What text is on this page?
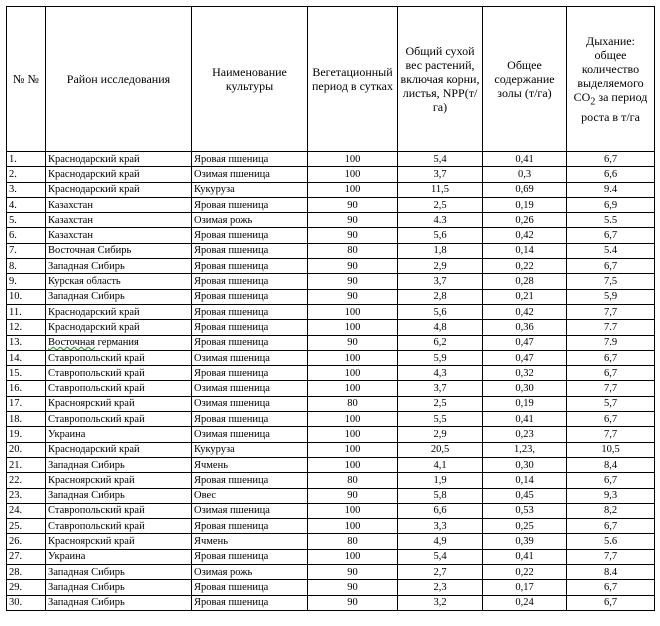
№ №	Район исследования	Наименование культуры	Вегетационный период в сутках	Общий сухой вес растений, включая корни, листья, NPP(т/га)	Общее содержание золы (т/га)	Дыхание: общее количество выделяемого $CO_2$ за период роста в т/га
1.	Краснодарский край	Яровая пшеница	100	5,4	0,41	6,7
2.	Краснодарский край	Озимая пшеница	100	3,7	0,3	6,6
3.	Краснодарский край	Кукуруза	100	11,5	0,69	9.4
4.	Казахстан	Яровая пшеница	90	2,5	0,19	6,9
5.	Казахстан	Озимая рожь	90	4.3	0,26	5.5
6.	Казахстан	Яровая пшеница	90	5,6	0,42	6,7
7.	Восточная Сибирь	Яровая пшеница	80	1,8	0,14	5.4
8.	Западная Сибирь	Яровая пшеница	90	2,9	0,22	6,7
9.	Курская область	Яровая пшеница	90	3,7	0,28	7,5
10.	Западная Сибирь	Яровая пшеница	90	2,8	0,21	5,9
11.	Краснодарский край	Яровая пшеница	100	5,6	0,42	7,7
12.	Краснодарский край	Яровая пшеница	100	4,8	0,36	7.7
13.	Восточная германия	Яровая пшеница	90	6,2	0,47	7.9
14.	Ставропольский край	Озимая пшеница	100	5,9	0,47	6,7
15.	Ставропольский край	Яровая пшеница	100	4,3	0,32	6,7
16.	Ставропольский край	Озимая пшеница	100	3,7	0,30	7,7
17.	Красноярский край	Озимая пшеница	80	2,5	0,19	5,7
18.	Ставропольский край	Яровая пшеница	100	5,5	0,41	6,7
19.	Украина	Озимая пшеница	100	2,9	0,23	7,7
20.	Краснодарский край	Кукуруза	100	20,5	1,23,	10,5
21.	Западная Сибирь	Ячмень	100	4,1	0,30	8,4
22.	Красноярский край	Яровая пшеница	80	1,9	0,14	6,7
23.	Западная Сибирь	Овес	90	5,8	0,45	9,3
24.	Ставропольский край	Озимая пшеница	100	6,6	0,53	8,2
25.	Ставропольский край	Яровая пшеница	100	3,3	0,25	6,7
26.	Красноярский край	Ячмень	80	4,9	0,39	5.6
27.	Украина	Яровая пшеница	100	5,4	0,41	7,7
28.	Западная Сибирь	Озимая рожь	90	2,7	0,22	8.4
29.	Западная Сибирь	Яровая пшеница	90	2,3	0,17	6,7
30.	Западная Сибирь	Яровая пшеница	90	3,2	0,24	6,7
